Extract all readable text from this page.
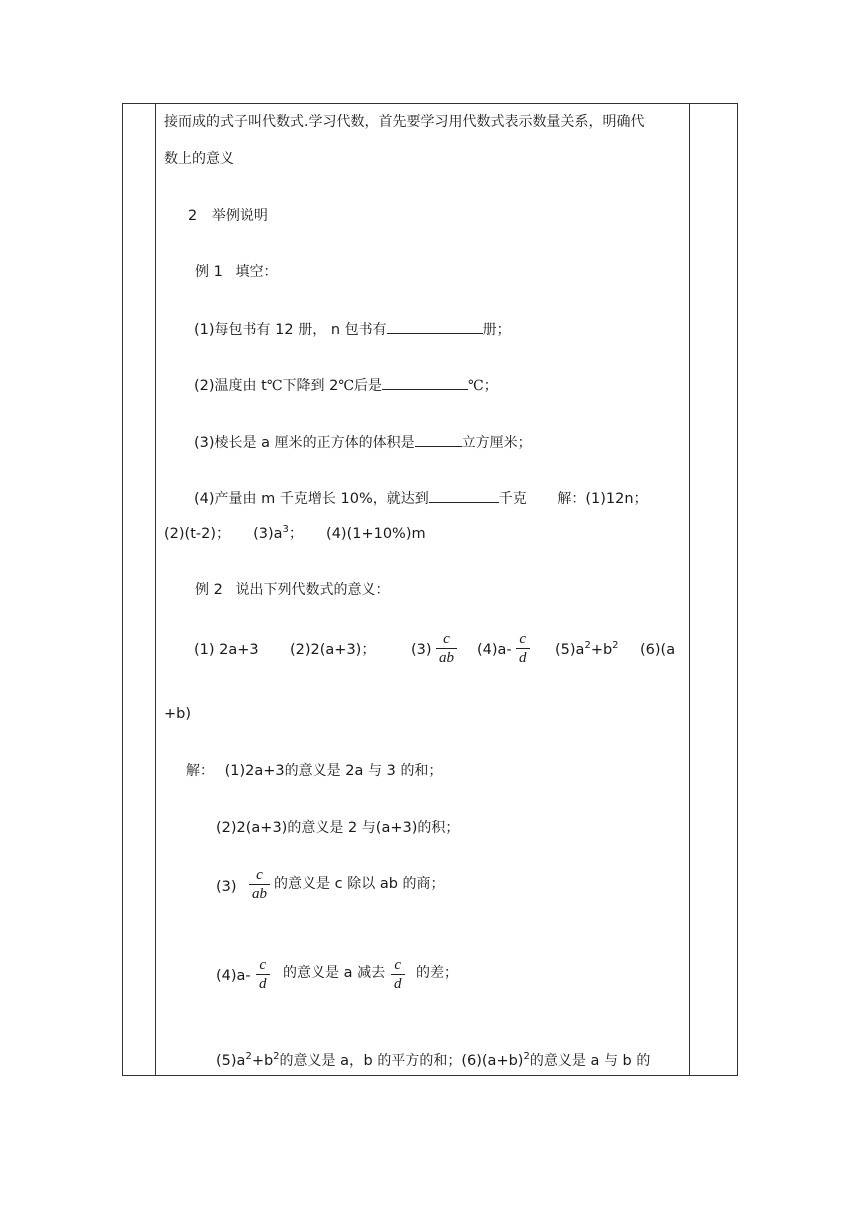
接而成的式子叫代数式.学习代数，首先要学习用代数式表示数量关系，明确代
数上的意义
2 举例说明
例 1 填空：
(1)每包书有 12 册， n 包书有	册；
(2)温度由 t℃下降到 2℃后是	℃；
(3)棱长是 a 厘米的正方体的体积是	立方厘米；
(4)产量由 m 千克增长 10%，就达到	千克 解：(1)12n；
(2)(t-2)； $(3)a^3$； (4)(1+10%)m
例 2 说出下列代数式的意义：
(1) 2a+3 (2)2(a+3)； $(3) \frac{c}{ab} (4)a- \frac{c}{d} (5)a^2+b^2$ (6)(a
+b)
解： (1)2a+3的意义是 2a 与 3 的和；
(2)2(a+3)的意义是 2 与(a+3)的积；
$(3) \frac{c}{ab}$ 的意义是 c 除以 ab 的商；
$(4)a- \frac{c}{d}$ 的意义是 a 减去 $\frac{c}{d}$ 的差；
$(5)a^2+b^2$的意义是 a，b 的平方的和；$(6)(a+b)^2$的意义是 a 与 b 的
